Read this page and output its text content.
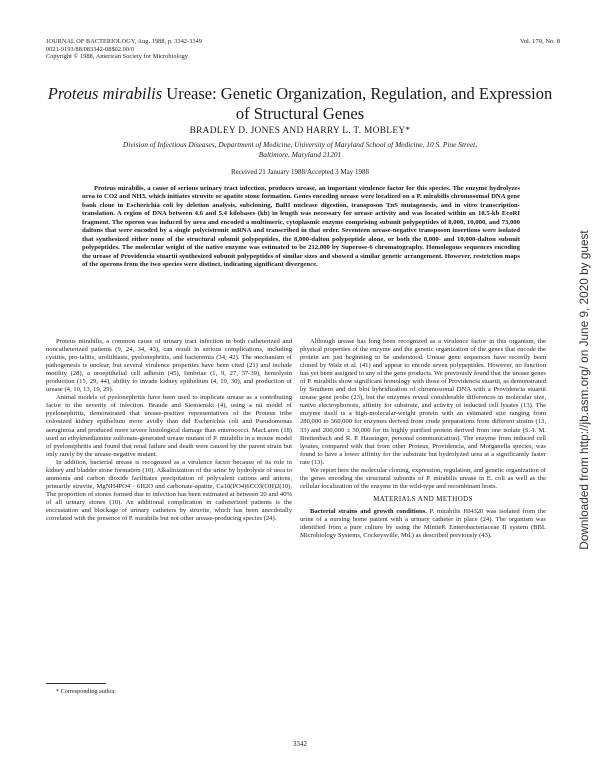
JOURNAL OF BACTERIOLOGY, Aug. 1988, p. 3342-3349
0021-9193/88/083342-08$02.00/0
Copyright © 1988, American Society for Microbiology
Vol. 170, No. 8
Proteus mirabilis Urease: Genetic Organization, Regulation, and Expression of Structural Genes
BRADLEY D. JONES AND HARRY L. T. MOBLEY*
Division of Infectious Diseases, Department of Medicine, University of Maryland School of Medicine, 10 S. Pine Street,
Baltimore, Maryland 21201
Received 21 January 1988/Accepted 3 May 1988

Proteus mirabilis, a cause of serious urinary tract infection, produces urease, an important virulence factor for this species. The enzyme hydrolyzes urea to CO2 and NH3, which initiates struvite or apatite stone formation. Genes encoding urease were localized on a P. mirabilis chromosomal DNA gene bank clone in Escherichia coli by deletion analysis, subcloning, BalII nuclease digestion, transposon TnS mutagenesis, and in vitro transcription-translation. A region of DNA between 4.6 and 5.4 kilobases (kb) in length was necessary for urease activity and was located within an 18.5-kb EcoRI fragment. The operon was induced by urea and encoded a multimeric, cytoplasmic enzyme comprising subunit polypeptides of 8,000, 10,000, and 73,000 daltons that were encoded by a single polycistronic mRNA and transcribed in that order. Seventeen urease-negative transposon insertions were isolated that synthesized either none of the structural subunit polypeptides, the 8,000-dalton polypeptide alone, or both the 8,000- and 10,000-dalton subunit polypeptides. The molecular weight of the native enzyme was estimated to be 212,000 by Superose-6 chromatography. Homologous sequences encoding the urease of Providencia stuartii synthesized subunit polypeptides of similar sizes and showed a similar genetic arrangement. However, restriction maps of the operons from the two species were distinct, indicating significant divergence.

Proteus mirabilis, a common cause of urinary tract infection in both catheterized and noncatheterized patients (9, 24, 34, 43), can result in serious complications, including cystitis, pro-talitis, urolithiasis, pyelonephritis, and bacteremia (34, 42). The mechanism of pathogenesis is unclear, but several virulence properties have been cited (21) and include motility (28), a uroepithelial cell adhesin (45), fimbriae (1, 9, 27, 37-39), hemolysin production (15, 29, 44), ability to invade kidney epithelium (4, 19, 30), and production of urease (4, 10, 13, 19, 29).

Animal models of pyelonephritis have been used to implicate urease as a contributing factor to the severity of infection. Braude and Siemienski (4), using a rat model of pyelonephritis, demonstrated that urease-positive representatives of the Proteus tribe colonized kidney epithelium more avidly than did Escherichia coli and Pseudomonas aeruginosa and produced more severe histological damage than enterococci. MacLaren (18) used an ethylenediamine sulfonate-generated urease mutant of P. mirabilis in a mouse model of pyelonephritis and found that renal failure and death were caused by the parent strain but only rarely by the urease-negative mutant.

In addition, bacterial urease is recognized as a virulence factor because of its role in kidney and bladder stone formation (10). Alkalinization of the urine by hydrolysis of urea to ammonia and carbon dioxide facilitates precipitation of polyvalent cations and anions, primarily struvite, MgNH4PO4 · 6H2O and carbonate-apatite, Ca10(PO4)6CO3(OH)2(10). The proportion of stones formed due to infection has been estimated at between 20 and 40% of all urinary stones (10). An additional complication in catheterized patients is the encrustation and blockage of urinary catheters by struvite, which has been anecdotally correlated with the presence of P. mirabilis but not other urease-producing species (24).

Although urease has long been recognized as a virulence factor in this organism, the physical properties of the enzyme and the genetic organization of the genes that encode the protein are just beginning to be understood. Urease gene sequences have recently been cloned by Walz et al. (41) and appear to encode seven polypeptides. However, no function has yet been assigned to any of the gene products. We previously found that the urease genes of P. mirabilis show significant homology with those of Providencia stuartii, as demonstrated by Southern and dot blot hybridization of chromosomal DNA with a Providencia stuartii urease gene probe (23), but the enzymes reveal considerable differences in molecular size, native electrophoresis, affinity for substrate, and activity of inducted cell lysates (13). The enzyme itself is a high-molecular-weight protein with an estimated size ranging from 280,000 to 360,000 for enzymes derived from crude preparations from different strains (13, 33) and 200,000 ± 30,000 for its highly purified protein derived from one isolate (S.-I. M. Breitenbach and R. P. Hausinger, personal communication). The enzyme from induced cell lysates, compared with that from other Proteus, Providencia, and Morganella species, was found to have a lower affinity for the substrate but hydrolyzed urea at a significantly faster rate (13).

We report here the molecular cloning, expression, regulation, and genetic organization of the genes encoding the structural subunits of P. mirabilis urease in E. coli as well as the cellular localization of the enzyme in the wild-type and recombinant hosts.

MATERIALS AND METHODS

Bacterial strains and growth conditions. P. mirabilis HI4320 was isolated from the urine of a nursing home patient with a urinary catheter in place (24). The organism was identified from a pure culture by using the MiniteK Enterobacteriaceae II system (BBL Microbiology Systems, Cockeysville, Md.) as described previously (43).

* Corresponding author.
3342
Downloaded from http://jb.asm.org/ on June 9, 2020 by guest
